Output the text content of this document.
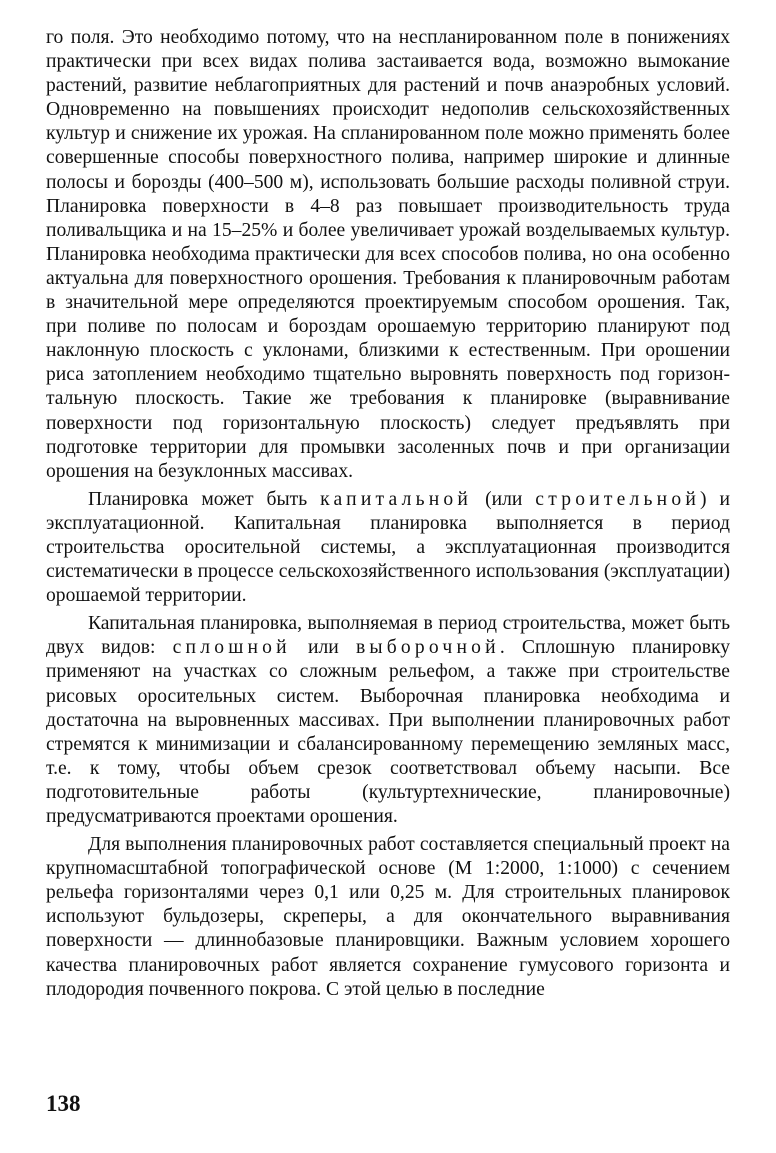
го поля. Это необходимо потому, что на неспланированном поле в понижениях практически при всех видах полива застаивается вода, возможно вымокание растений, развитие неблагоприятных для растений и почв анаэробных условий. Одновременно на повышениях происходит недополив сельскохозяйственных культур и снижение их урожая. На спланированном поле можно применять более совершенные способы поверхностного полива, например широкие и длинные полосы и борозды (400–500 м), использовать большие расходы поливной струи. Планировка поверхности в 4–8 раз повышает производительность труда поливальщика и на 15–25% и более увеличивает урожай возделываемых культур. Планировка необходима практически для всех способов полива, но она особенно актуальна для поверхностного орошения. Требования к планировочным работам в значительной мере определяются проектируемым способом орошения. Так, при поливе по полосам и бороздам орошаемую территорию планируют под наклонную плоскость с уклонами, близкими к естественным. При орошении риса затоплением необходимо тщательно выровнять поверхность под горизонтальную плоскость. Такие же требования к планировке (выравнивание поверхности под горизонтальную плоскость) следует предъявлять при подготовке территории для промывки засоленных почв и при организации орошения на безуклонных массивах.

Планировка может быть капитальной (или строительной) и эксплуатационной. Капитальная планировка выполняется в период строительства оросительной системы, а эксплуатационная производится систематически в процессе сельскохозяйственного использования (эксплуатации) орошаемой территории.

Капитальная планировка, выполняемая в период строительства, может быть двух видов: сплошной или выборочной. Сплошную планировку применяют на участках со сложным рельефом, а также при строительстве рисовых оросительных систем. Выборочная планировка необходима и достаточна на выровненных массивах. При выполнении планировочных работ стремятся к минимизации и сбалансированному перемещению земляных масс, т.е. к тому, чтобы объем срезок соответствовал объему насыпи. Все подготовительные работы (культуртехнические, планировочные) предусматриваются проектами орошения.

Для выполнения планировочных работ составляется специальный проект на крупномасштабной топографической основе (М 1:2000, 1:1000) с сечением рельефа горизонталями через 0,1 или 0,25 м. Для строительных планировок используют бульдозеры, скреперы, а для окончательного выравнивания поверхности — длиннобазовые планировщики. Важным условием хорошего качества планировочных работ является сохранение гумусового горизонта и плодородия почвенного покрова. С этой целью в последние

138
